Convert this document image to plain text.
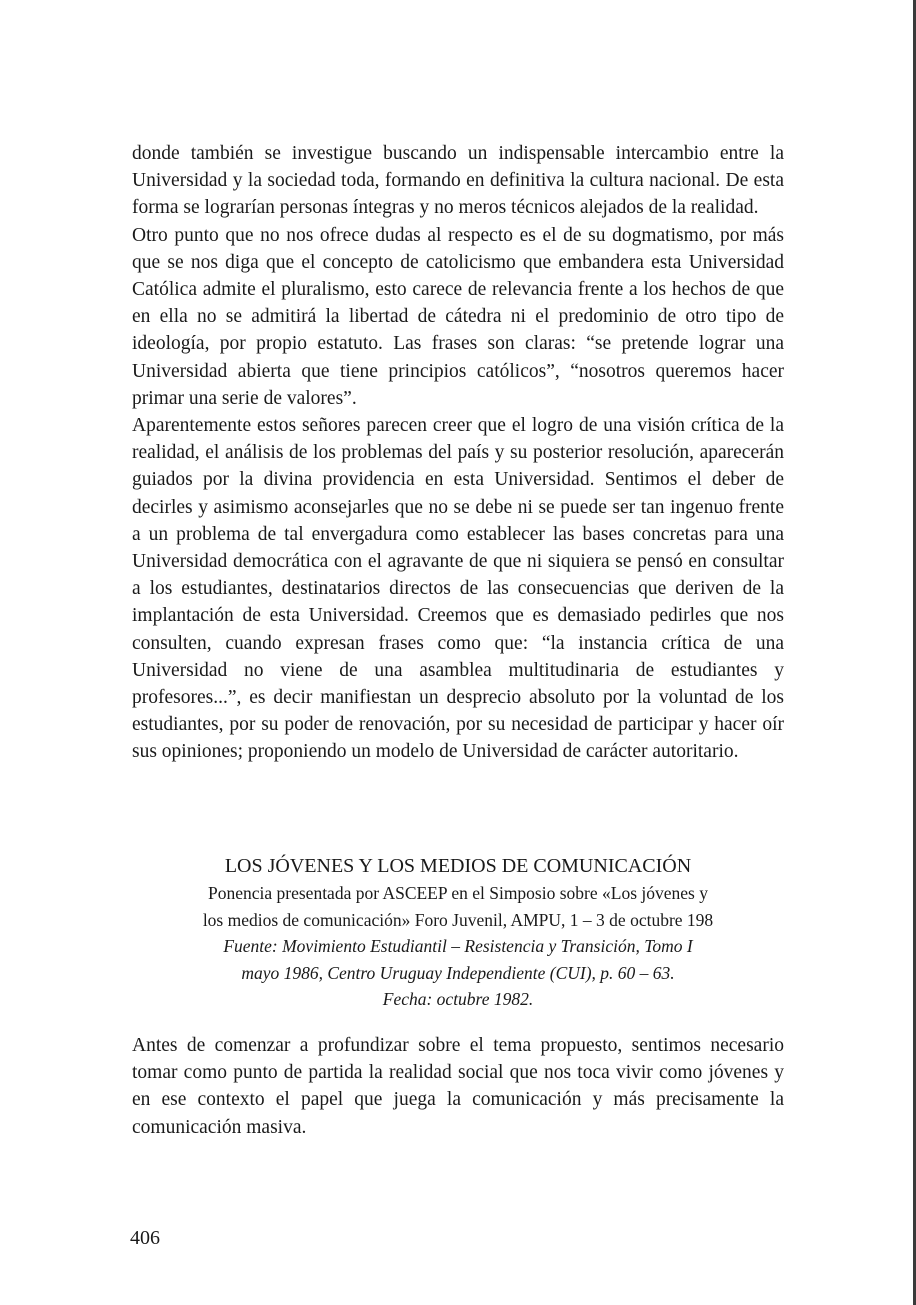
donde también se investigue buscando un indispensable intercambio entre la Universidad y la sociedad toda, formando en definitiva la cultura nacional. De esta forma se lograrían personas íntegras y no meros técnicos alejados de la realidad.

Otro punto que no nos ofrece dudas al respecto es el de su dogmatismo, por más que se nos diga que el concepto de catolicismo que embandera esta Universidad Católica admite el pluralismo, esto carece de relevancia frente a los hechos de que en ella no se admitirá la libertad de cátedra ni el predominio de otro tipo de ideología, por propio estatuto. Las frases son claras: “se pretende lograr una Universidad abierta que tiene principios católicos”, “nosotros queremos hacer primar una serie de valores”.

Aparentemente estos señores parecen creer que el logro de una visión crítica de la realidad, el análisis de los problemas del país y su posterior resolución, aparecerán guiados por la divina providencia en esta Universidad. Sentimos el deber de decirles y asimismo aconsejarles que no se debe ni se puede ser tan ingenuo frente a un problema de tal envergadura como establecer las bases concretas para una Universidad democrática con el agravante de que ni siquiera se pensó en consultar a los estudiantes, destinatarios directos de las consecuencias que deriven de la implantación de esta Universidad. Creemos que es demasiado pedirles que nos consulten, cuando expresan frases como que: “la instancia crítica de una Universidad no viene de una asamblea multitudinaria de estudiantes y profesores...”, es decir manifiestan un desprecio absoluto por la voluntad de los estudiantes, por su poder de renovación, por su necesidad de participar y hacer oír sus opiniones; proponiendo un modelo de Universidad de carácter autoritario.

LOS JÓVENES Y LOS MEDIOS DE COMUNICACIÓN

Ponencia presentada por ASCEEP en el Simposio sobre «Los jóvenes y

los medios de comunicación» Foro Juvenil, AMPU, 1 – 3 de octubre 198

Fuente: Movimiento Estudiantil – Resistencia y Transición, Tomo I

mayo 1986, Centro Uruguay Independiente (CUI), p. 60 – 63.

Fecha: octubre 1982.

Antes de comenzar a profundizar sobre el tema propuesto, sentimos necesario tomar como punto de partida la realidad social que nos toca vivir como jóvenes y en ese contexto el papel que juega la comunicación y más precisamente la comunicación masiva.

406
